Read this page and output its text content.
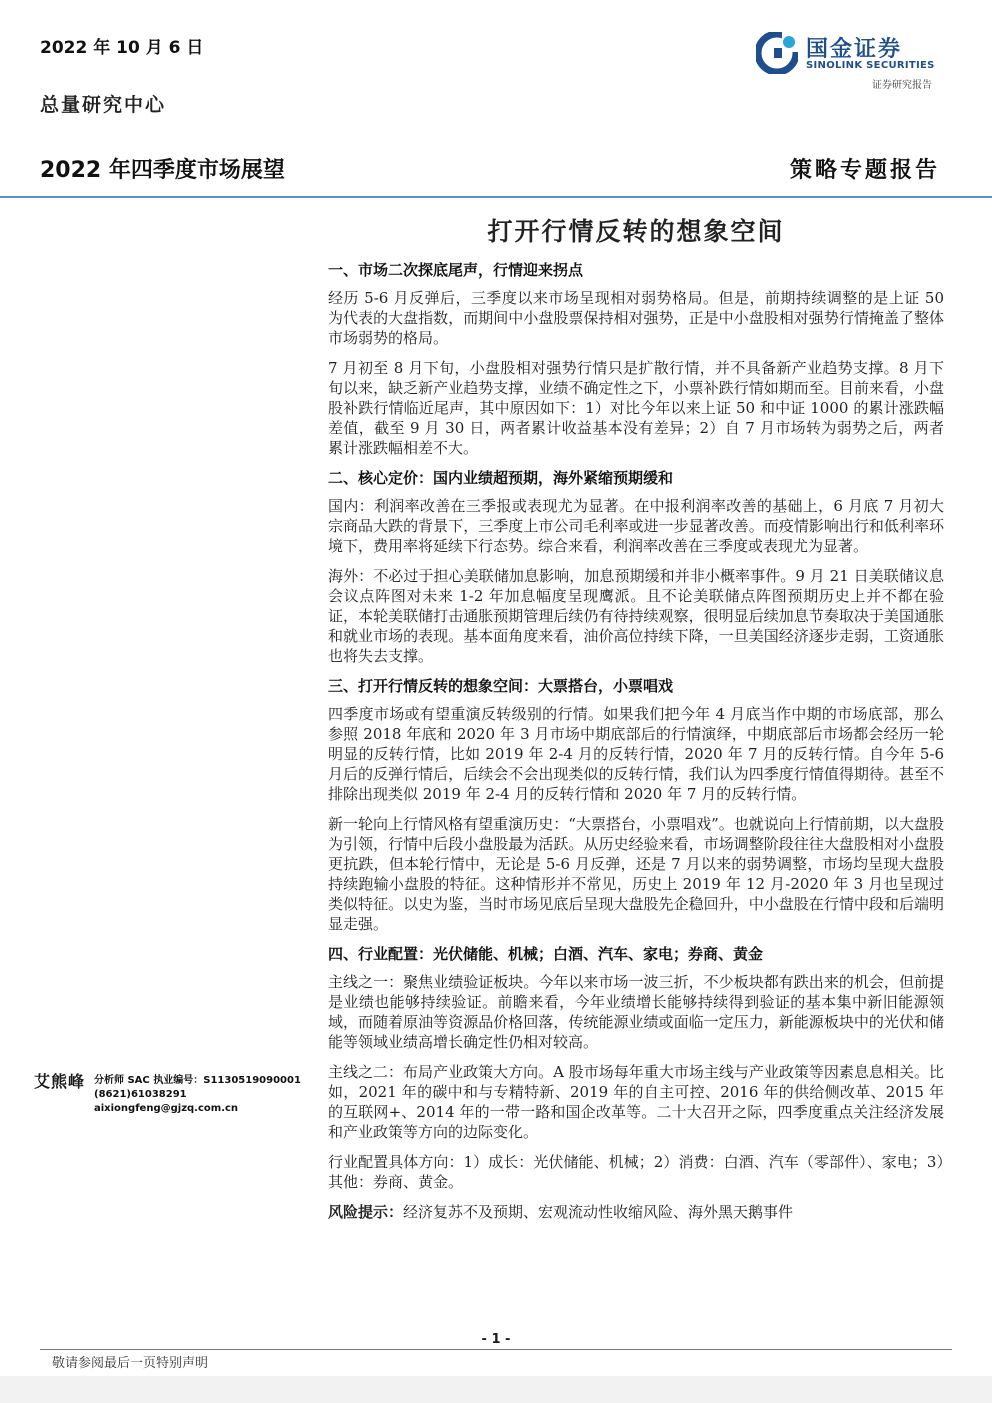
2022 年 10 月 6 日
总量研究中心
国金证券
SINOLINK SECURITIES
证券研究报告
2022 年四季度市场展望	策略专题报告
打开行情反转的想象空间
一、市场二次探底尾声，行情迎来拐点

经历 5-6 月反弹后，三季度以来市场呈现相对弱势格局。但是，前期持续调整的是上证 50 为代表的大盘指数，而期间中小盘股票保持相对强势，正是中小盘股相对强势行情掩盖了整体市场弱势的格局。

7 月初至 8 月下旬，小盘股相对强势行情只是扩散行情，并不具备新产业趋势支撑。8 月下旬以来，缺乏新产业趋势支撑，业绩不确定性之下，小票补跌行情如期而至。目前来看，小盘股补跌行情临近尾声，其中原因如下：1）对比今年以来上证 50 和中证 1000 的累计涨跌幅差值，截至 9 月 30 日，两者累计收益基本没有差异；2）自 7 月市场转为弱势之后，两者累计涨跌幅相差不大。

二、核心定价：国内业绩超预期，海外紧缩预期缓和

国内：利润率改善在三季报或表现尤为显著。在中报利润率改善的基础上，6 月底 7 月初大宗商品大跌的背景下，三季度上市公司毛利率或进一步显著改善。而疫情影响出行和低利率环境下，费用率将延续下行态势。综合来看，利润率改善在三季度或表现尤为显著。

海外：不必过于担心美联储加息影响，加息预期缓和并非小概率事件。9 月 21 日美联储议息会议点阵图对未来 1-2 年加息幅度呈现鹰派。且不论美联储点阵图预期历史上并不都在验证，本轮美联储打击通胀预期管理后续仍有待持续观察，很明显后续加息节奏取决于美国通胀和就业市场的表现。基本面角度来看，油价高位持续下降，一旦美国经济逐步走弱，工资通胀也将失去支撑。

三、打开行情反转的想象空间：大票搭台，小票唱戏

四季度市场或有望重演反转级别的行情。如果我们把今年 4 月底当作中期的市场底部，那么参照 2018 年底和 2020 年 3 月市场中期底部后的行情演绎，中期底部后市场都会经历一轮明显的反转行情，比如 2019 年 2-4 月的反转行情，2020 年 7 月的反转行情。自今年 5-6 月后的反弹行情后，后续会不会出现类似的反转行情，我们认为四季度行情值得期待。甚至不排除出现类似 2019 年 2-4 月的反转行情和 2020 年 7 月的反转行情。

新一轮向上行情风格有望重演历史：“大票搭台，小票唱戏”。也就说向上行情前期，以大盘股为引领，行情中后段小盘股最为活跃。从历史经验来看，市场调整阶段往往大盘股相对小盘股更抗跌，但本轮行情中，无论是 5-6 月反弹，还是 7 月以来的弱势调整，市场均呈现大盘股持续跑输小盘股的特征。这种情形并不常见，历史上 2019 年 12 月-2020 年 3 月也呈现过类似特征。以史为鉴，当时市场见底后呈现大盘股先企稳回升，中小盘股在行情中段和后端明显走强。

四、行业配置：光伏储能、机械；白酒、汽车、家电；券商、黄金

主线之一：聚焦业绩验证板块。今年以来市场一波三折，不少板块都有跌出来的机会，但前提是业绩也能够持续验证。前瞻来看，今年业绩增长能够持续得到验证的基本集中新旧能源领域，而随着原油等资源品价格回落，传统能源业绩或面临一定压力，新能源板块中的光伏和储能等领域业绩高增长确定性仍相对较高。

主线之二：布局产业政策大方向。A 股市场每年重大市场主线与产业政策等因素息息相关。比如，2021 年的碳中和与专精特新、2019 年的自主可控、2016 年的供给侧改革、2015 年的互联网+、2014 年的一带一路和国企改革等。二十大召开之际，四季度重点关注经济发展和产业政策等方向的边际变化。

行业配置具体方向：1）成长：光伏储能、机械；2）消费：白酒、汽车（零部件）、家电；3）其他：券商、黄金。

风险提示：经济复苏不及预期、宏观流动性收缩风险、海外黑天鹅事件

艾熊峰 分析师 SAC 执业编号：S1130519090001
(8621)61038291
aixiongfeng@gjzq.com.cn
- 1 -
敬请参阅最后一页特别声明
